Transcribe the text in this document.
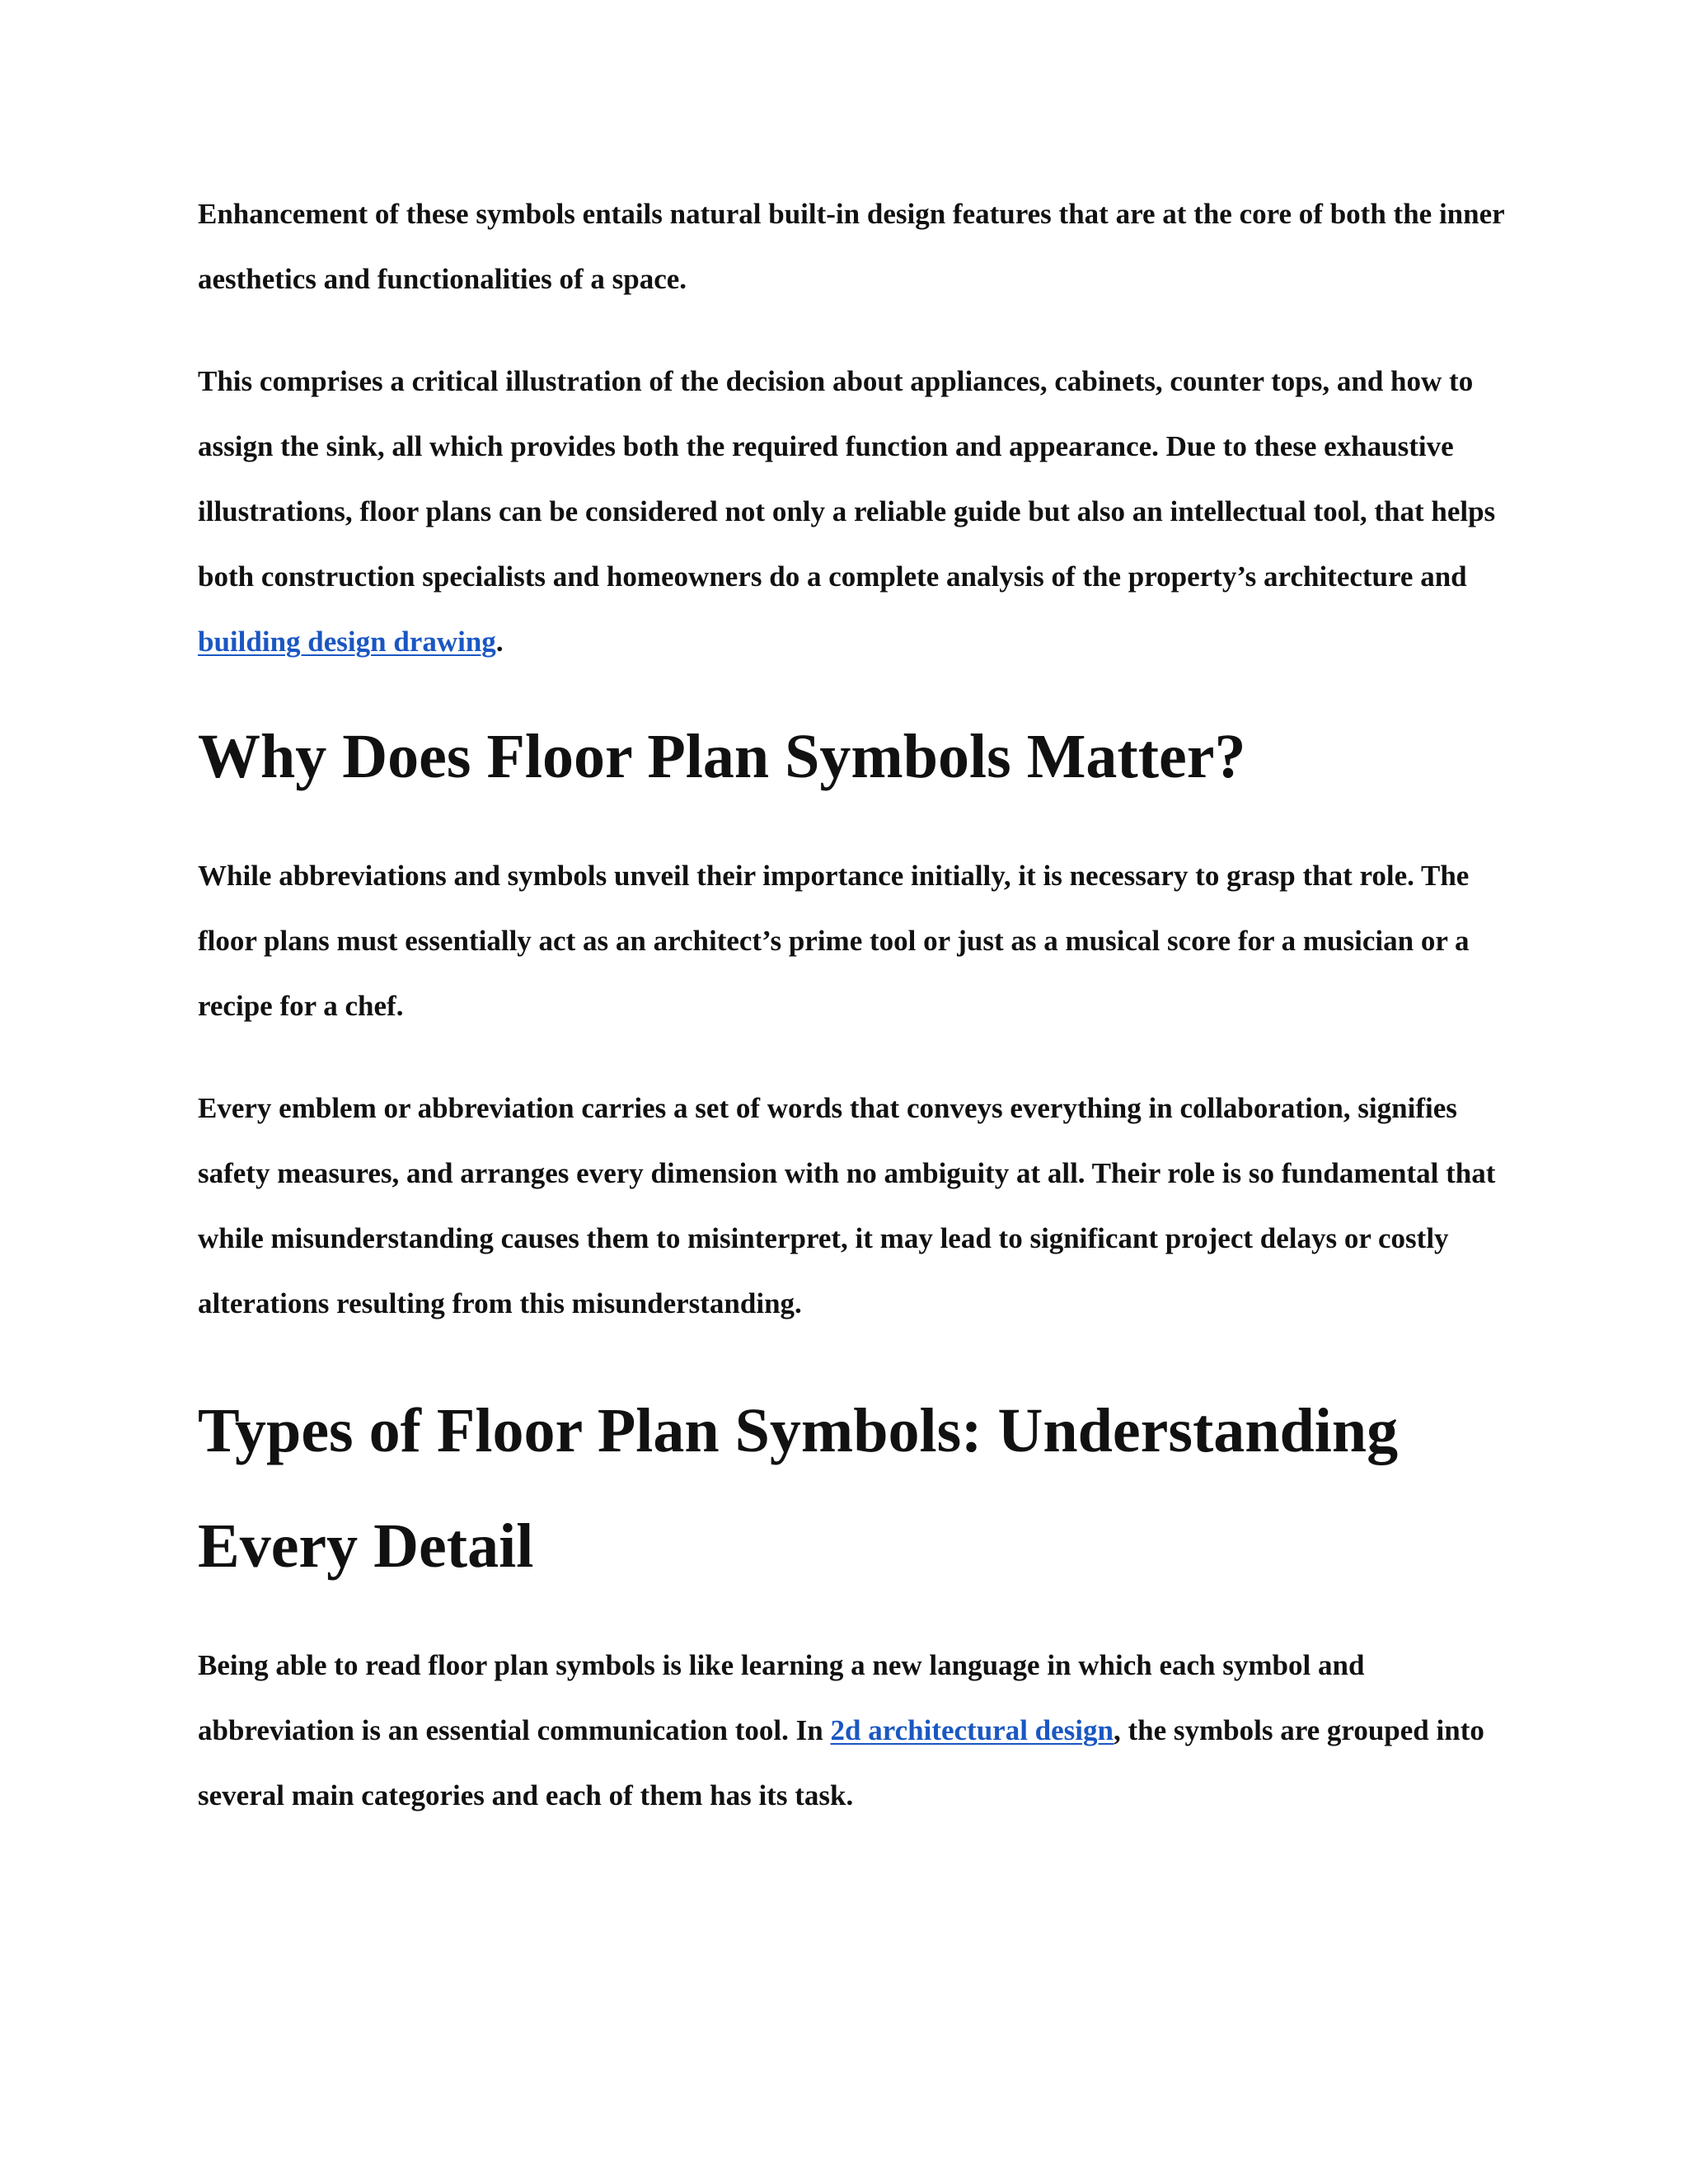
Enhancement of these symbols entails natural built-in design features that are at the core of both the inner aesthetics and functionalities of a space.

This comprises a critical illustration of the decision about appliances, cabinets, counter tops, and how to assign the sink, all which provides both the required function and appearance. Due to these exhaustive illustrations, floor plans can be considered not only a reliable guide but also an intellectual tool, that helps both construction specialists and homeowners do a complete analysis of the property’s architecture and building design drawing.

Why Does Floor Plan Symbols Matter?

While abbreviations and symbols unveil their importance initially, it is necessary to grasp that role. The floor plans must essentially act as an architect’s prime tool or just as a musical score for a musician or a recipe for a chef.

Every emblem or abbreviation carries a set of words that conveys everything in collaboration, signifies safety measures, and arranges every dimension with no ambiguity at all. Their role is so fundamental that while misunderstanding causes them to misinterpret, it may lead to significant project delays or costly alterations resulting from this misunderstanding.

Types of Floor Plan Symbols: Understanding Every Detail

Being able to read floor plan symbols is like learning a new language in which each symbol and abbreviation is an essential communication tool. In 2d architectural design, the symbols are grouped into several main categories and each of them has its task.
